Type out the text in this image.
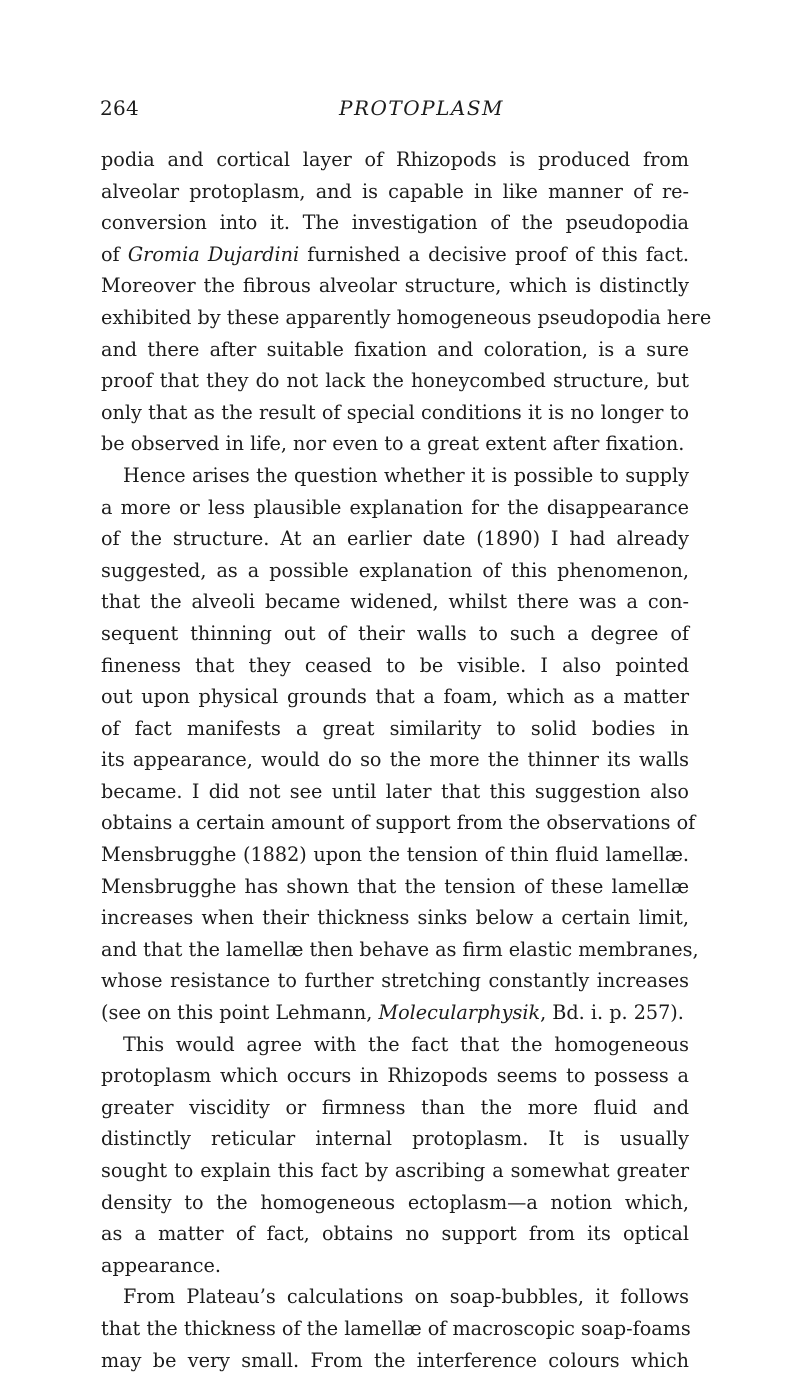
264	PROTOPLASM
podia and cortical layer of Rhizopods is produced from
alveolar protoplasm, and is capable in like manner of re-
conversion into it. The investigation of the pseudopodia
of Gromia Dujardini furnished a decisive proof of this fact.
Moreover the fibrous alveolar structure, which is distinctly
exhibited by these apparently homogeneous pseudopodia here
and there after suitable fixation and coloration, is a sure
proof that they do not lack the honeycombed structure, but
only that as the result of special conditions it is no longer to
be observed in life, nor even to a great extent after fixation.
Hence arises the question whether it is possible to supply
a more or less plausible explanation for the disappearance
of the structure. At an earlier date (1890) I had already
suggested, as a possible explanation of this phenomenon,
that the alveoli became widened, whilst there was a con-
sequent thinning out of their walls to such a degree of
fineness that they ceased to be visible. I also pointed
out upon physical grounds that a foam, which as a matter
of fact manifests a great similarity to solid bodies in
its appearance, would do so the more the thinner its walls
became. I did not see until later that this suggestion also
obtains a certain amount of support from the observations of
Mensbrugghe (1882) upon the tension of thin fluid lamellæ.
Mensbrugghe has shown that the tension of these lamellæ
increases when their thickness sinks below a certain limit,
and that the lamellæ then behave as firm elastic membranes,
whose resistance to further stretching constantly increases
(see on this point Lehmann, Molecularphysik, Bd. i. p. 257).
This would agree with the fact that the homogeneous
protoplasm which occurs in Rhizopods seems to possess a
greater viscidity or firmness than the more fluid and
distinctly reticular internal protoplasm. It is usually
sought to explain this fact by ascribing a somewhat greater
density to the homogeneous ectoplasm—a notion which,
as a matter of fact, obtains no support from its optical
appearance.
From Plateau’s calculations on soap-bubbles, it follows
that the thickness of the lamellæ of macroscopic soap-foams
may be very small. From the interference colours which
